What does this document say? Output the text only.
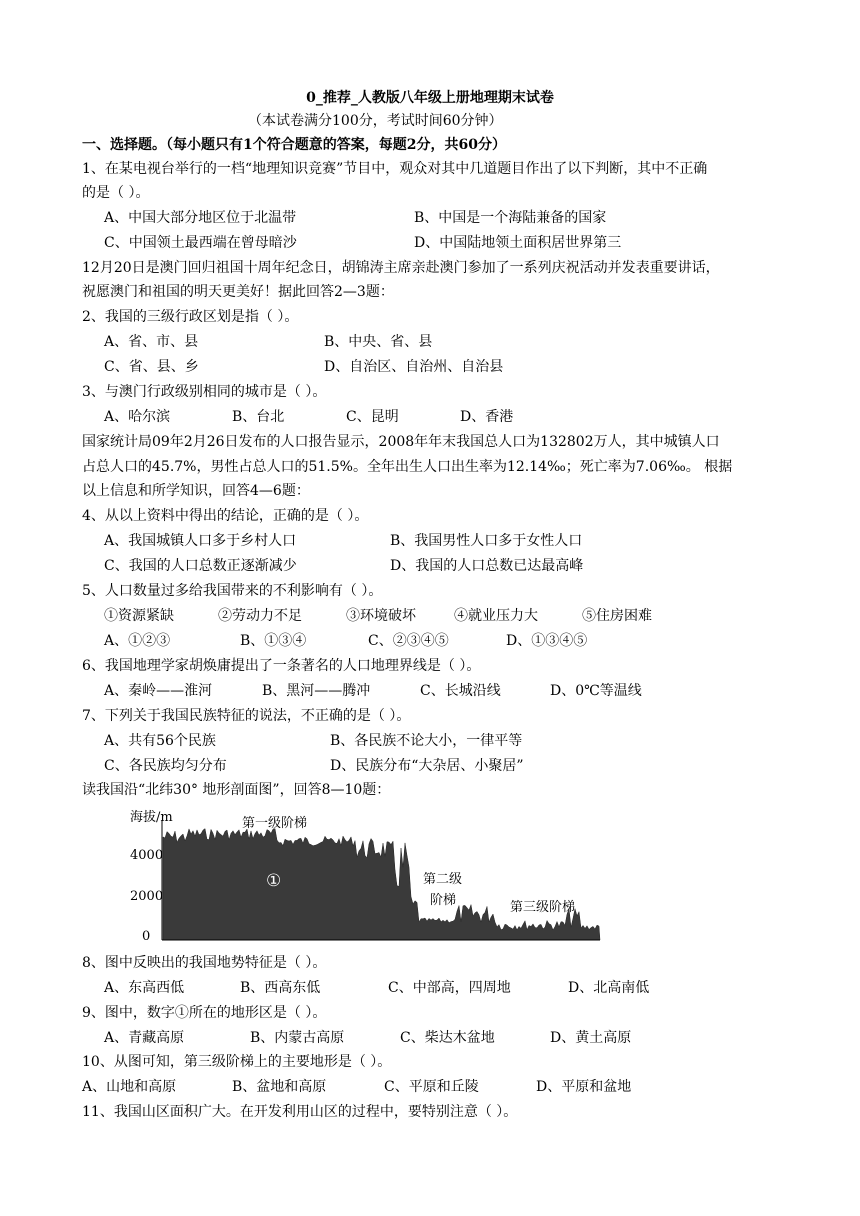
0_推荐_人教版八年级上册地理期末试卷
（本试卷满分100分，考试时间60分钟）
一、选择题。（每小题只有1个符合题意的答案，每题2分，共60分）
1、在某电视台举行的一档“地理知识竞赛”节目中，观众对其中几道题目作出了以下判断，其中不正确
的是（ ）。
A、中国大部分地区位于北温带	B、中国是一个海陆兼备的国家
C、中国领土最西端在曾母暗沙	D、中国陆地领土面积居世界第三
12月20日是澳门回归祖国十周年纪念日，胡锦涛主席亲赴澳门参加了一系列庆祝活动并发表重要讲话，
祝愿澳门和祖国的明天更美好！据此回答2—3题：
2、我国的三级行政区划是指（ ）。
A、省、市、县	B、中央、省、县
C、省、县、乡	D、自治区、自治州、自治县
3、与澳门行政级别相同的城市是（ ）。
A、哈尔滨	B、台北	C、昆明	D、香港
国家统计局09年2月26日发布的人口报告显示，2008年年末我国总人口为132802万人，其中城镇人口
占总人口的45.7%，男性占总人口的51.5%。全年出生人口出生率为12.14‰；死亡率为7.06‰。 根据
以上信息和所学知识，回答4—6题：
4、从以上资料中得出的结论，正确的是（ ）。
A、我国城镇人口多于乡村人口	B、我国男性人口多于女性人口
C、我国的人口总数正逐渐减少	D、我国的人口总数已达最高峰
5、人口数量过多给我国带来的不利影响有（ ）。
①资源紧缺	②劳动力不足	③环境破坏	④就业压力大	⑤住房困难
A、①②③	B、①③④	C、②③④⑤	D、①③④⑤
6、我国地理学家胡焕庸提出了一条著名的人口地理界线是（ ）。
A、秦岭——淮河	B、黑河——腾冲	C、长城沿线	D、0℃等温线
7、下列关于我国民族特征的说法，不正确的是（ ）。
A、共有56个民族	B、各民族不论大小，一律平等
C、各民族均匀分布	D、民族分布“大杂居、小聚居”
读我国沿“北纬30° 地形剖面图”，回答8—10题：
海拔/m
4000
2000
0
第一级阶梯
①	第二级
阶梯	第三级阶梯
8、图中反映出的我国地势特征是（ ）。
A、东高西低	B、西高东低	C、中部高，四周地	D、北高南低
9、图中，数字①所在的地形区是（ ）。
A、青藏高原	B、内蒙古高原	C、柴达木盆地	D、黄土高原
10、从图可知，第三级阶梯上的主要地形是（ ）。
A、山地和高原	B、盆地和高原	C、平原和丘陵	D、平原和盆地
11、我国山区面积广大。在开发利用山区的过程中，要特别注意（ ）。
